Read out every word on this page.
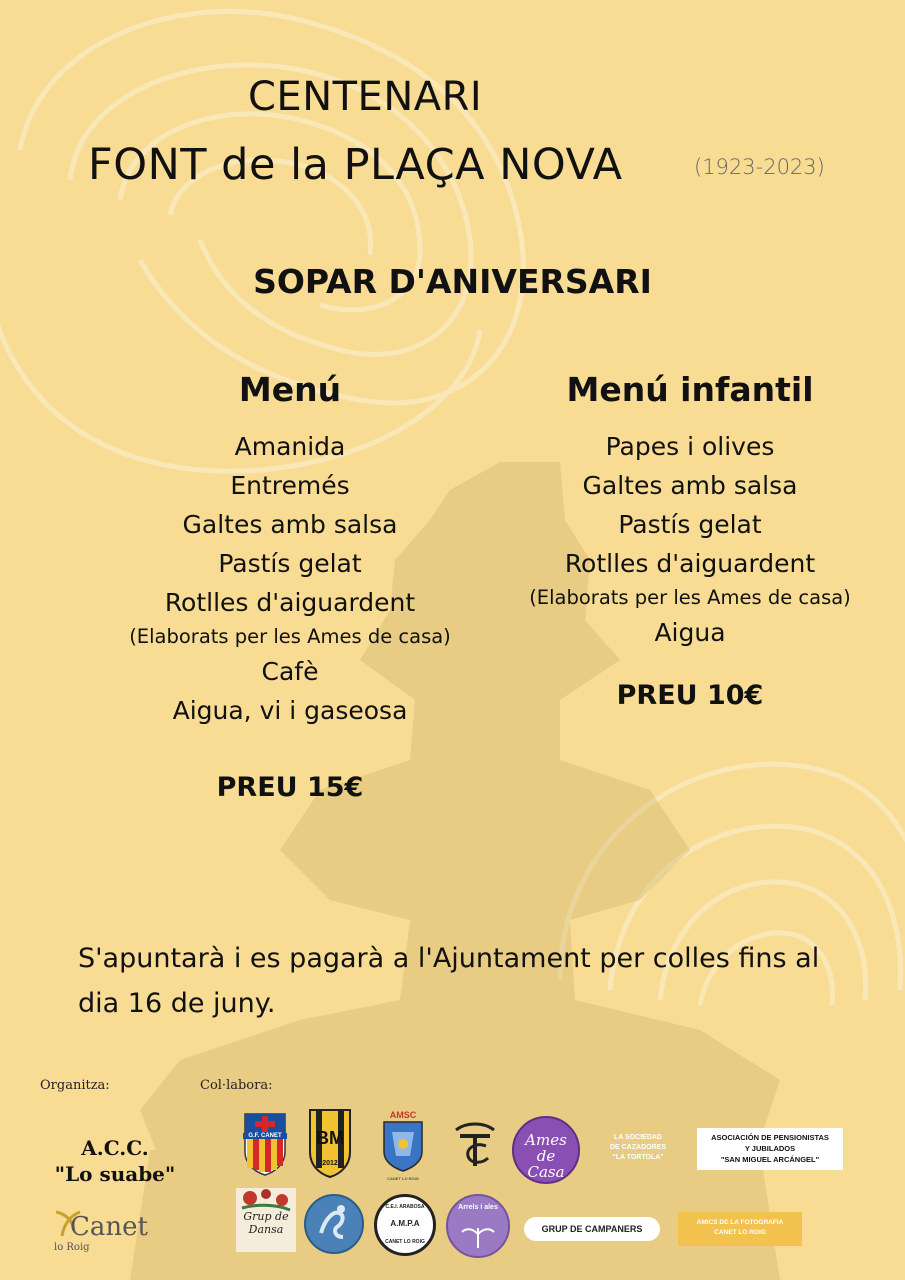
CENTENARI
FONT de la PLAÇA NOVA	(1923-2023)
SOPAR D'ANIVERSARI
Menú
Amanida
Entremés
Galtes amb salsa
Pastís gelat
Rotlles d'aiguardent
(Elaborats per les Ames de casa)
Cafè
Aigua, vi i gaseosa
PREU 15€
Menú infantil
Papes i olives
Galtes amb salsa
Pastís gelat
Rotlles d'aiguardent
(Elaborats per les Ames de casa)
Aigua
PREU 10€
S'apuntarà i es pagarà a l'Ajuntament per colles fins al dia 16 de juny.
Organitza:	Col·labora:
A.C.C.
"Lo suabe"
Canet
lo Roig
G.F. CANET	BM
2012
AMSC
CANET LO ROIG
Ames de Casa
LA SOCIEDAD
DE CAZADORES
"LA TORTOLA"
ASOCIACIÓN DE PENSIONISTAS
Y JUBILADOS
"SAN MIGUEL ARCÁNGEL"
Grup de Dansa
C.E.I. ARABOSA
A.M.P.A
CANET LO ROIG
Arrels i ales
GRUP DE CAMPANERS
AMICS DE LA FOTOGRAFIA
CANET LO ROIG
